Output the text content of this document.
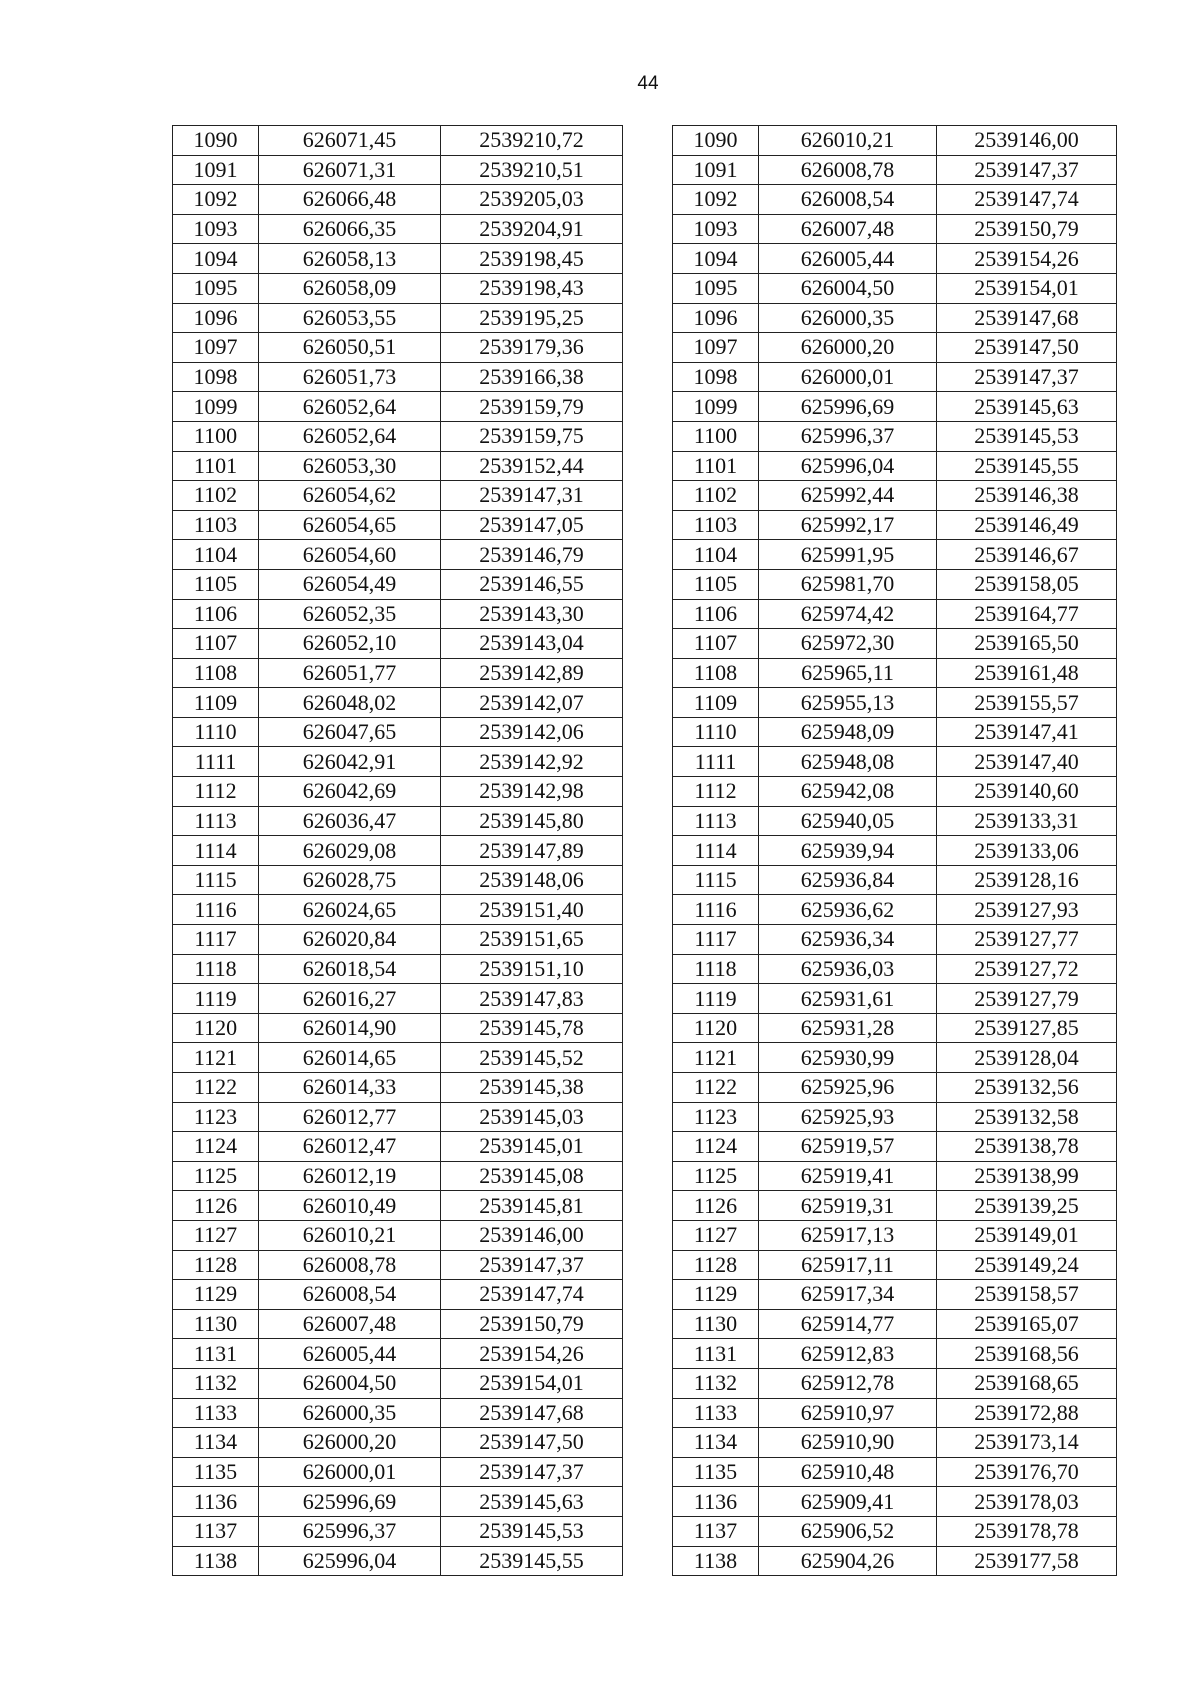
44
1090	626071,45	2539210,72		1090	626010,21	2539146,00
1091	626071,31	2539210,51		1091	626008,78	2539147,37
1092	626066,48	2539205,03		1092	626008,54	2539147,74
1093	626066,35	2539204,91		1093	626007,48	2539150,79
1094	626058,13	2539198,45		1094	626005,44	2539154,26
1095	626058,09	2539198,43		1095	626004,50	2539154,01
1096	626053,55	2539195,25		1096	626000,35	2539147,68
1097	626050,51	2539179,36		1097	626000,20	2539147,50
1098	626051,73	2539166,38		1098	626000,01	2539147,37
1099	626052,64	2539159,79		1099	625996,69	2539145,63
1100	626052,64	2539159,75		1100	625996,37	2539145,53
1101	626053,30	2539152,44		1101	625996,04	2539145,55
1102	626054,62	2539147,31		1102	625992,44	2539146,38
1103	626054,65	2539147,05		1103	625992,17	2539146,49
1104	626054,60	2539146,79		1104	625991,95	2539146,67
1105	626054,49	2539146,55		1105	625981,70	2539158,05
1106	626052,35	2539143,30		1106	625974,42	2539164,77
1107	626052,10	2539143,04		1107	625972,30	2539165,50
1108	626051,77	2539142,89		1108	625965,11	2539161,48
1109	626048,02	2539142,07		1109	625955,13	2539155,57
1110	626047,65	2539142,06		1110	625948,09	2539147,41
1111	626042,91	2539142,92		1111	625948,08	2539147,40
1112	626042,69	2539142,98		1112	625942,08	2539140,60
1113	626036,47	2539145,80		1113	625940,05	2539133,31
1114	626029,08	2539147,89		1114	625939,94	2539133,06
1115	626028,75	2539148,06		1115	625936,84	2539128,16
1116	626024,65	2539151,40		1116	625936,62	2539127,93
1117	626020,84	2539151,65		1117	625936,34	2539127,77
1118	626018,54	2539151,10		1118	625936,03	2539127,72
1119	626016,27	2539147,83		1119	625931,61	2539127,79
1120	626014,90	2539145,78		1120	625931,28	2539127,85
1121	626014,65	2539145,52		1121	625930,99	2539128,04
1122	626014,33	2539145,38		1122	625925,96	2539132,56
1123	626012,77	2539145,03		1123	625925,93	2539132,58
1124	626012,47	2539145,01		1124	625919,57	2539138,78
1125	626012,19	2539145,08		1125	625919,41	2539138,99
1126	626010,49	2539145,81		1126	625919,31	2539139,25
1127	626010,21	2539146,00		1127	625917,13	2539149,01
1128	626008,78	2539147,37		1128	625917,11	2539149,24
1129	626008,54	2539147,74		1129	625917,34	2539158,57
1130	626007,48	2539150,79		1130	625914,77	2539165,07
1131	626005,44	2539154,26		1131	625912,83	2539168,56
1132	626004,50	2539154,01		1132	625912,78	2539168,65
1133	626000,35	2539147,68		1133	625910,97	2539172,88
1134	626000,20	2539147,50		1134	625910,90	2539173,14
1135	626000,01	2539147,37		1135	625910,48	2539176,70
1136	625996,69	2539145,63		1136	625909,41	2539178,03
1137	625996,37	2539145,53		1137	625906,52	2539178,78
1138	625996,04	2539145,55		1138	625904,26	2539177,58
